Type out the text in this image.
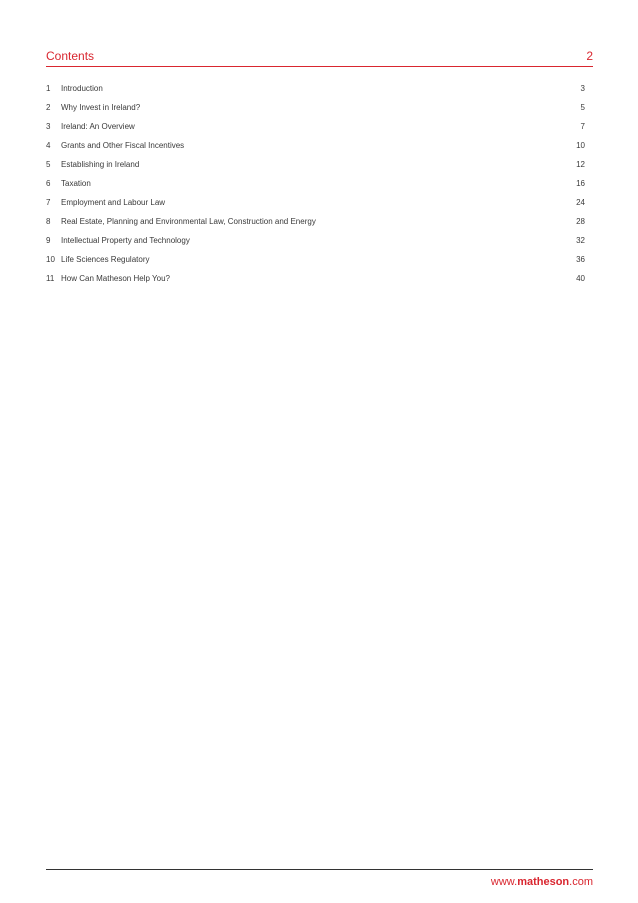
Contents	2
1 Introduction	3
2 Why Invest in Ireland?	5
3 Ireland: An Overview	7
4 Grants and Other Fiscal Incentives	10
5 Establishing in Ireland	12
6 Taxation	16
7 Employment and Labour Law	24
8 Real Estate, Planning and Environmental Law, Construction and Energy	28
9 Intellectual Property and Technology	32
10 Life Sciences Regulatory	36
11 How Can Matheson Help You?	40
www.matheson.com
